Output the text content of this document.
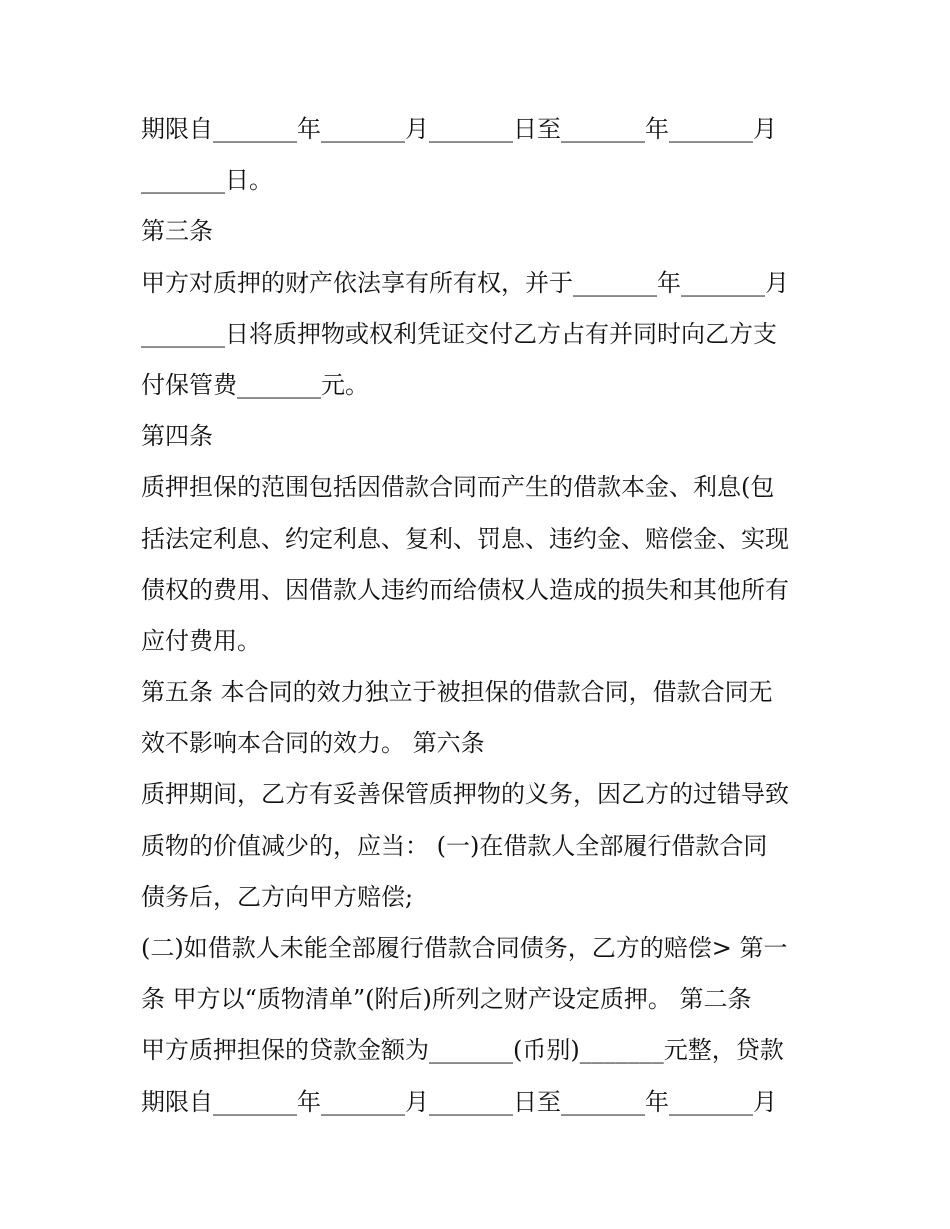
期限自_______年_______月_______日至_______年_______月
_______日。
第三条
甲方对质押的财产依法享有所有权，并于_______年_______月
_______日将质押物或权利凭证交付乙方占有并同时向乙方支
付保管费_______元。
第四条
质押担保的范围包括因借款合同而产生的借款本金、利息(包
括法定利息、约定利息、复利、罚息、违约金、赔偿金、实现
债权的费用、因借款人违约而给债权人造成的损失和其他所有
应付费用。
第五条 本合同的效力独立于被担保的借款合同，借款合同无
效不影响本合同的效力。 第六条
质押期间，乙方有妥善保管质押物的义务，因乙方的过错导致
质物的价值减少的，应当： (一)在借款人全部履行借款合同
债务后，乙方向甲方赔偿;
(二)如借款人未能全部履行借款合同债务，乙方的赔偿> 第一
条 甲方以“质物清单”(附后)所列之财产设定质押。 第二条
甲方质押担保的贷款金额为_______(币别)_______元整，贷款
期限自_______年_______月_______日至_______年_______月
